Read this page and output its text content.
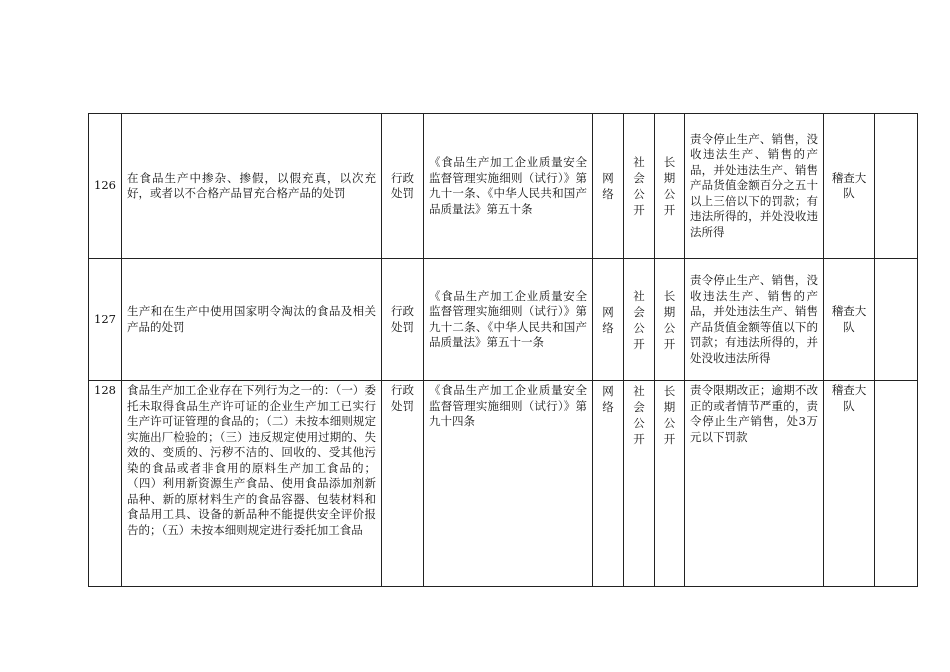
126	在食品生产中掺杂、掺假，以假充真，以次充好，或者以不合格产品冒充合格产品的处罚	行政处罚	《食品生产加工企业质量安全监督管理实施细则（试行）》第九十一条、《中华人民共和国产品质量法》第五十条	网络	社会公开	长期公开	责令停止生产、销售，没收违法生产、销售的产品，并处违法生产、销售产品货值金额百分之五十以上三倍以下的罚款；有违法所得的，并处没收违法所得	稽查大队	
127	生产和在生产中使用国家明令淘汰的食品及相关产品的处罚	行政处罚	《食品生产加工企业质量安全监督管理实施细则（试行）》第九十二条、《中华人民共和国产品质量法》第五十一条	网络	社会公开	长期公开	责令停止生产、销售，没收违法生产、销售的产品，并处违法生产、销售产品货值金额等值以下的罚款；有违法所得的，并处没收违法所得	稽查大队	
128	食品生产加工企业存在下列行为之一的：（一）委托未取得食品生产许可证的企业生产加工已实行生产许可证管理的食品的；（二）未按本细则规定实施出厂检验的；（三）违反规定使用过期的、失效的、变质的、污秽不洁的、回收的、受其他污染的食品或者非食用的原料生产加工食品的；（四）利用新资源生产食品、使用食品添加剂新品种、新的原材料生产的食品容器、包装材料和食品用工具、设备的新品种不能提供安全评价报告的；（五）未按本细则规定进行委托加工食品	行政处罚	《食品生产加工企业质量安全监督管理实施细则（试行）》第九十四条	网络	社会公开	长期公开	责令限期改正；逾期不改正的或者情节严重的，责令停止生产销售，处3万元以下罚款	稽查大队	
